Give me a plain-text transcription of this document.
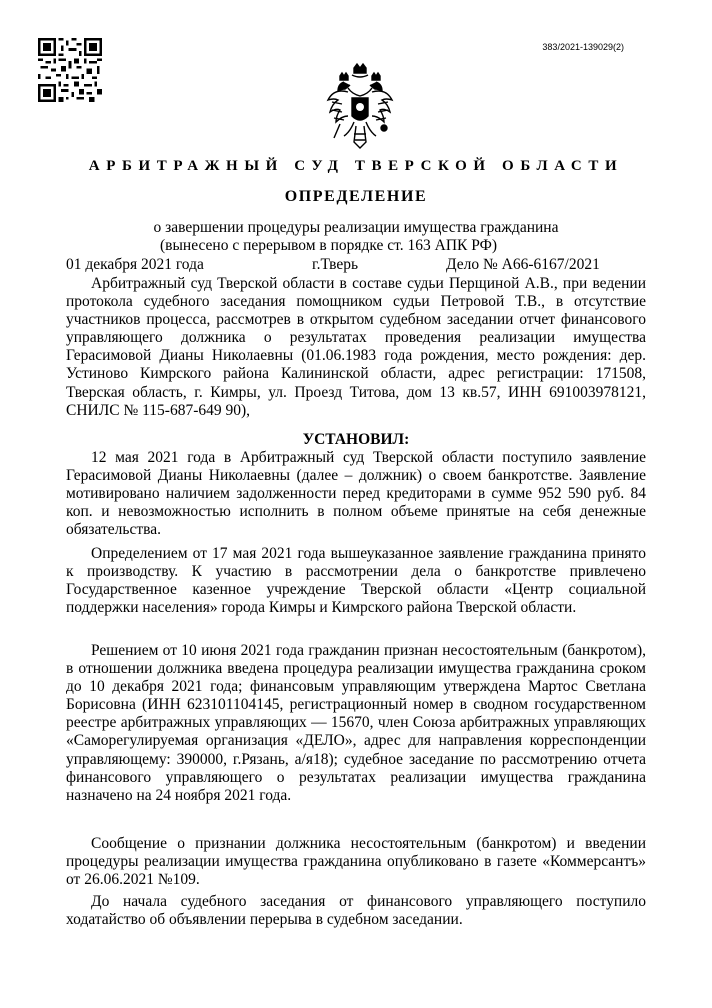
383/2021-139029(2)
АРБИТРАЖНЫЙ СУД ТВЕРСКОЙ ОБЛАСТИ
ОПРЕДЕЛЕНИЕ
о завершении процедуры реализации имущества гражданина
(вынесено с перерывом в порядке ст. 163 АПК РФ)
01 декабря 2021 года	г.Тверь	Дело № А66-6167/2021

Арбитражный суд Тверской области в составе судьи Перщиной А.В., при ведении протокола судебного заседания помощником судьи Петровой Т.В., в отсутствие участников процесса, рассмотрев в открытом судебном заседании отчет финансового управляющего должника о результатах проведения реализации имущества Герасимовой Дианы Николаевны (01.06.1983 года рождения, место рождения: дер. Устиново Кимрского района Калининской области, адрес регистрации: 171508, Тверская область, г. Кимры, ул. Проезд Титова, дом 13 кв.57, ИНН 691003978121, СНИЛС № 115-687-649 90),

УСТАНОВИЛ:

12 мая 2021 года в Арбитражный суд Тверской области поступило заявление Герасимовой Дианы Николаевны (далее – должник) о своем банкротстве. Заявление мотивировано наличием задолженности перед кредиторами в сумме 952 590 руб. 84 коп. и невозможностью исполнить в полном объеме принятые на себя денежные обязательства.

Определением от 17 мая 2021 года вышеуказанное заявление гражданина принято к производству. К участию в рассмотрении дела о банкротстве привлечено Государственное казенное учреждение Тверской области «Центр социальной поддержки населения» города Кимры и Кимрского района Тверской области.

Решением от 10 июня 2021 года гражданин признан несостоятельным (банкротом), в отношении должника введена процедура реализации имущества гражданина сроком до 10 декабря 2021 года; финансовым управляющим утверждена Мартос Светлана Борисовна (ИНН 623101104145, регистрационный номер в сводном государственном реестре арбитражных управляющих — 15670, член Союза арбитражных управляющих «Саморегулируемая организация «ДЕЛО», адрес для направления корреспонденции управляющему: 390000, г.Рязань, а/я18); судебное заседание по рассмотрению отчета финансового управляющего о результатах реализации имущества гражданина назначено на 24 ноября 2021 года.

Сообщение о признании должника несостоятельным (банкротом) и введении процедуры реализации имущества гражданина опубликовано в газете «Коммерсантъ» от 26.06.2021 №109.

До начала судебного заседания от финансового управляющего поступило ходатайство об объявлении перерыва в судебном заседании.
